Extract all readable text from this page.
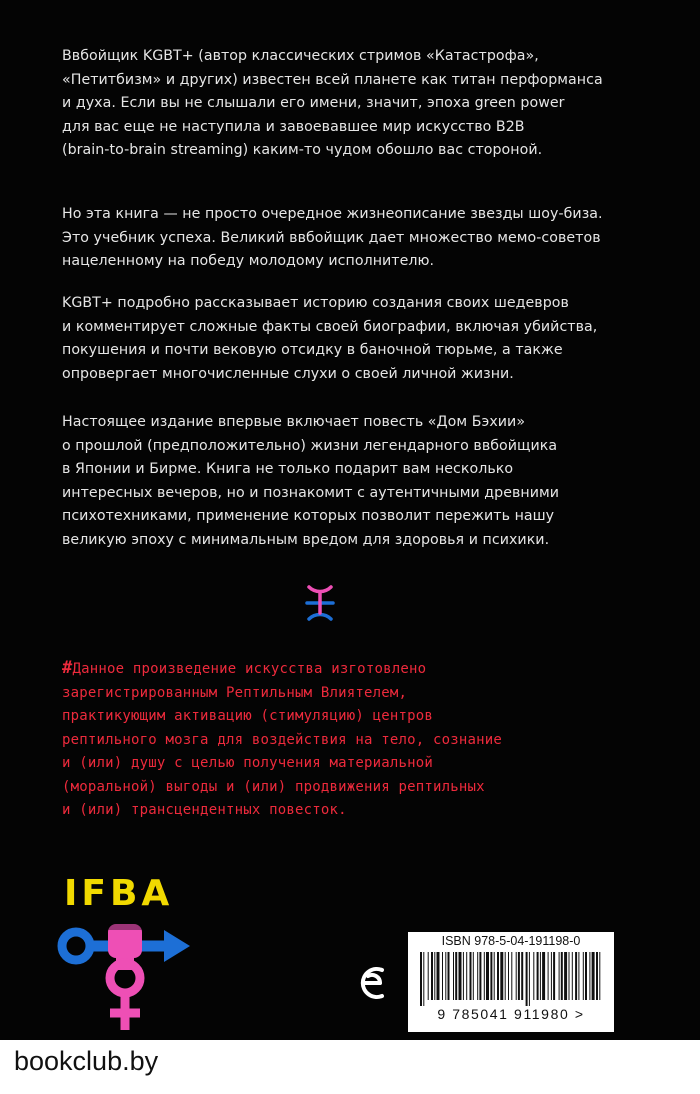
Ввбойщик KGBT+ (автор классических стримов «Катастрофа»,
«Петитбизм» и других) известен всей планете как титан перформанса
и духа. Если вы не слышали его имени, значит, эпоха green power
для вас еще не наступила и завоевавшее мир искусство B2B
(brain-to-brain streaming) каким-то чудом обошло вас стороной.
Но эта книга — не просто очередное жизнеописание звезды шоу-биза.
Это учебник успеха. Великий ввбойщик дает множество мемо-советов
нацеленному на победу молодому исполнителю.
KGBT+ подробно рассказывает историю создания своих шедевров
и комментирует сложные факты своей биографии, включая убийства,
покушения и почти вековую отсидку в баночной тюрьме, а также
опровергает многочисленные слухи о своей личной жизни.
Настоящее издание впервые включает повесть «Дом Бэхии»
о прошлой (предположительно) жизни легендарного ввбойщика
в Японии и Бирме. Книга не только подарит вам несколько
интересных вечеров, но и познакомит с аутентичными древними
психотехниками, применение которых позволит пережить нашу
великую эпоху с минимальным вредом для здоровья и психики.
#Данное произведение искусства изготовлено
зарегистрированным Рептильным Влиятелем,
практикующим активацию (стимуляцию) центров
рептильного мозга для воздействия на тело, сознание
и (или) душу с целью получения материальной
(моральной) выгоды и (или) продвижения рептильных
и (или) трансцендентных повесток.
IFBA
ISBN 978-5-04-191198-0
9 785041 911980 >
bookclub.by
